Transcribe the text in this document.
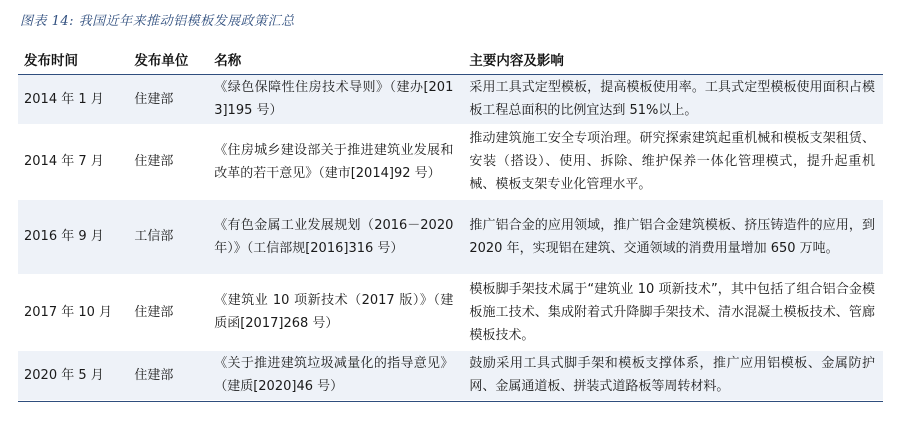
图表 14: 我国近年来推动铝模板发展政策汇总
发布时间	发布单位	名称	主要内容及影响
2014 年 1 月	住建部	《绿色保障性住房技术导则》（建办[2013]195 号）	采用工具式定型模板，提高模板使用率。工具式定型模板使用面积占模板工程总面积的比例宜达到 51%以上。

2014 年 7 月	住建部	《住房城乡建设部关于推进建筑业发展和改革的若干意见》（建市[2014]92 号）	推动建筑施工安全专项治理。研究探索建筑起重机械和模板支架租赁、安装（搭设）、使用、拆除、维护保养一体化管理模式，提升起重机械、模板支架专业化管理水平。

2016 年 9 月	工信部	《有色金属工业发展规划（2016－2020 年）》（工信部规[2016]316 号）	推广铝合金的应用领域，推广铝合金建筑模板、挤压铸造件的应用，到 2020 年，实现铝在建筑、交通领域的消费用量增加 650 万吨。

2017 年 10 月	住建部	《建筑业 10 项新技术（2017 版）》（建质函[2017]268 号）	模板脚手架技术属于“建筑业 10 项新技术”，其中包括了组合铝合金模板施工技术、集成附着式升降脚手架技术、清水混凝土模板技术、管廊模板技术。

2020 年 5 月	住建部	《关于推进建筑垃圾减量化的指导意见》（建质[2020]46 号）	鼓励采用工具式脚手架和模板支撑体系，推广应用铝模板、金属防护网、金属通道板、拼装式道路板等周转材料。
